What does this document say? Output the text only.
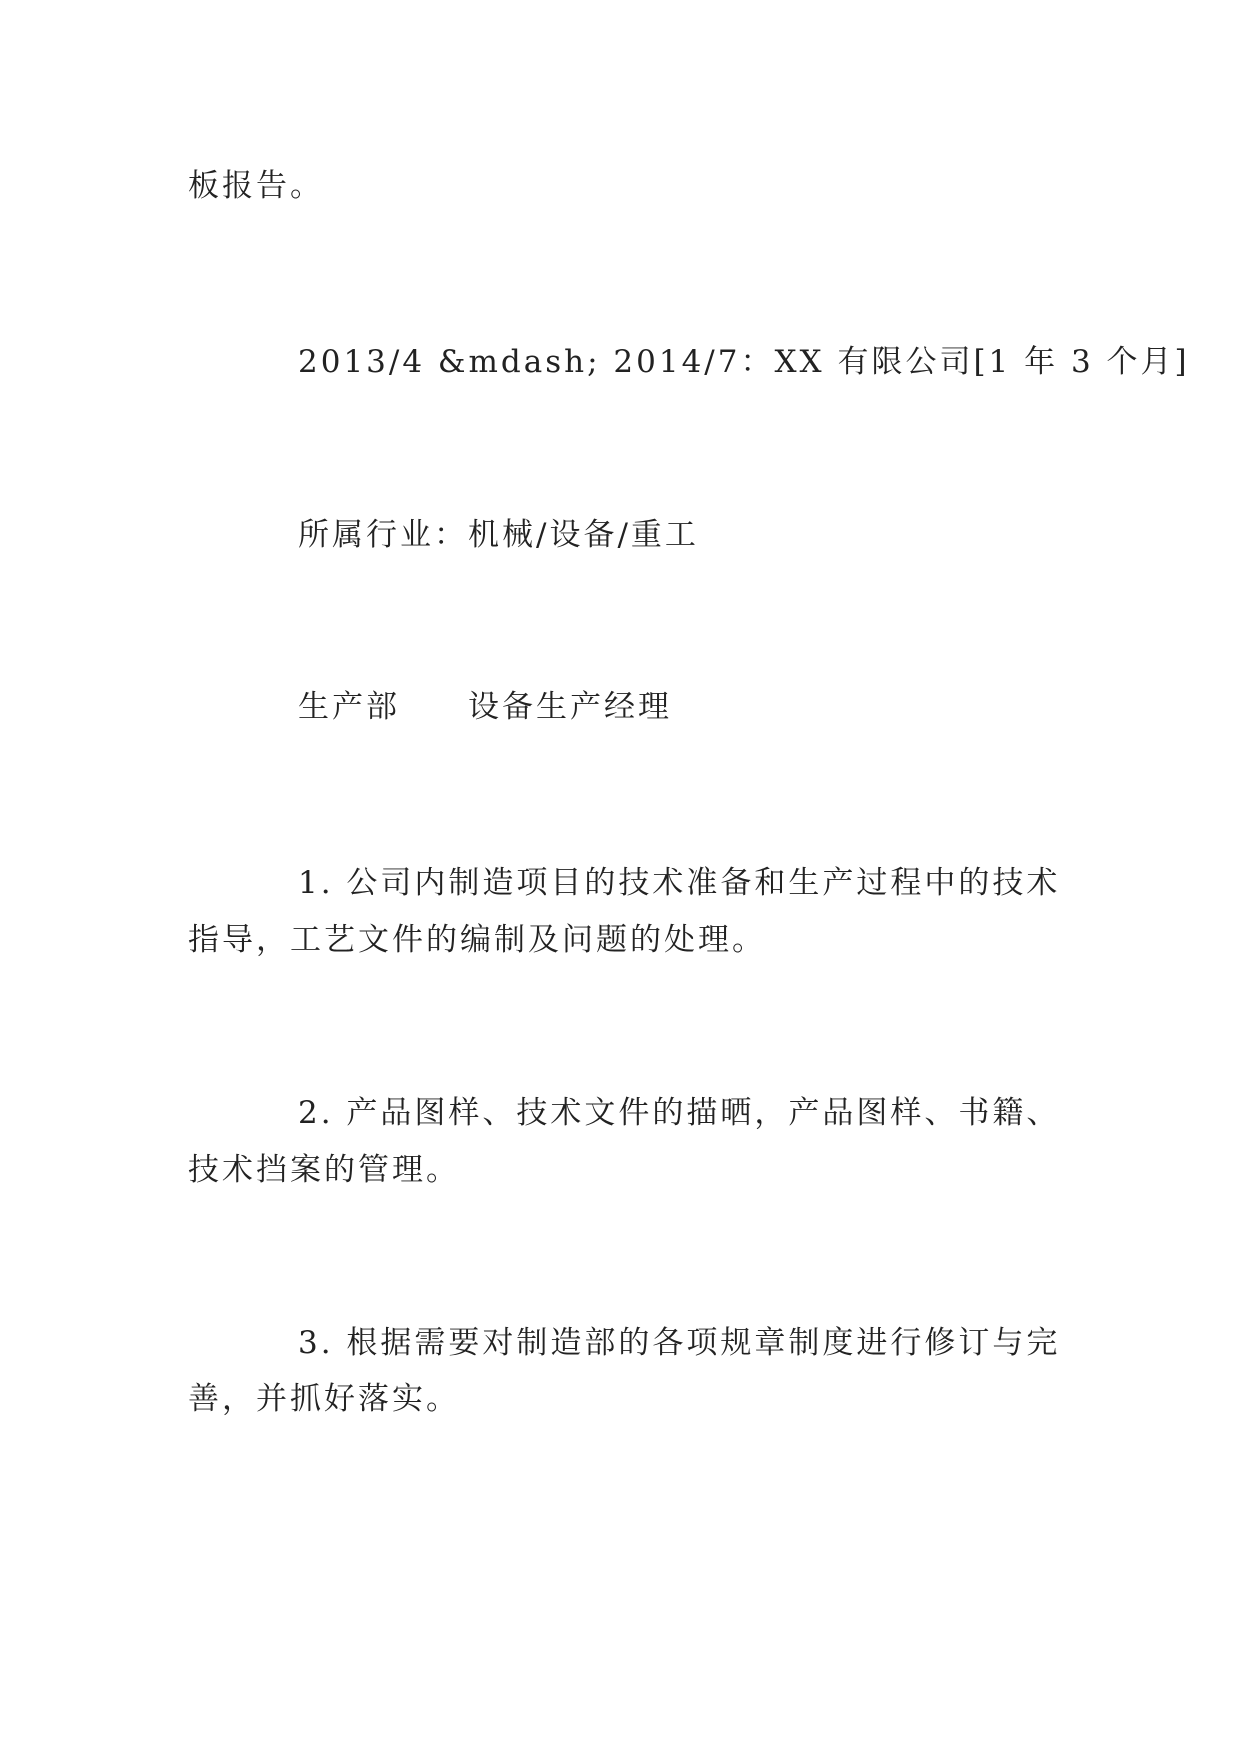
板报告。
2013/4 &mdash; 2014/7：XX 有限公司[1 年 3 个月]
所属行业：机械/设备/重工
生产部　　设备生产经理
1. 公司内制造项目的技术准备和生产过程中的技术
指导，工艺文件的编制及问题的处理。
2. 产品图样、技术文件的描晒，产品图样、书籍、
技术挡案的管理。
3. 根据需要对制造部的各项规章制度进行修订与完
善，并抓好落实。
